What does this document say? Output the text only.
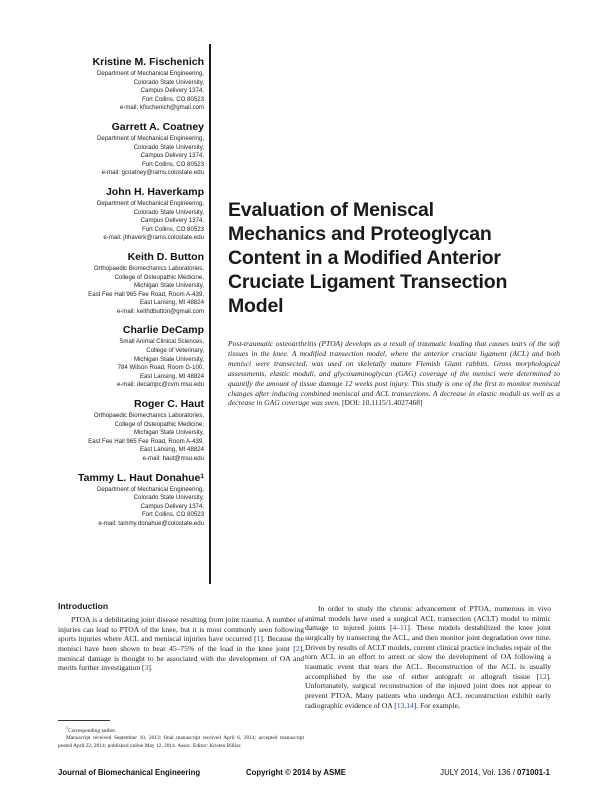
Kristine M. Fischenich
Department of Mechanical Engineering,
Colorado State University,
Campus Delivery 1374,
Fort Collins, CO 80523
e-mail: kfischenich@gmail.com
Garrett A. Coatney
Department of Mechanical Engineering,
Colorado State University,
Campus Delivery 1374,
Fort Collins, CO 80523
e-mail: gcoatney@rams.colostate.edu
John H. Haverkamp
Department of Mechanical Engineering,
Colorado State University,
Campus Delivery 1374,
Fort Collins, CO 80523
e-mail: jhhaverk@rams.colostate.edu
Keith D. Button
Orthopaedic Biomechanics Laboratories,
College of Osteopathic Medicine,
Michigan State University,
East Fee Hall 965 Fee Road, Room A-439,
East Lansing, MI 48824
e-mail: keithdbutton@gmail.com
Charlie DeCamp
Small Animal Clinical Sciences,
College of Veterinary,
Michigan State University,
784 Wilson Road, Room G-100,
East Lansing, MI 48824
e-mail: decampc@cvm.msu.edu
Roger C. Haut
Orthopaedic Biomechanics Laboratories,
College of Osteopathic Medicine,
Michigan State University,
East Fee Hall 965 Fee Road, Room A-439,
East Lansing, MI 48824
e-mail: haut@msu.edu
Tammy L. Haut Donahue$^1$
Department of Mechanical Engineering,
Colorado State University,
Campus Delivery 1374,
Fort Collins, CO 80523
e-mail: tammy.donahue@colostate.edu
Evaluation of Meniscal
Mechanics and Proteoglycan
Content in a Modified Anterior
Cruciate Ligament Transection
Model
Post-traumatic osteoarthritis (PTOA) develops as a result of traumatic loading that causes tears of the soft tissues in the knee. A modified transection model, where the anterior cruciate ligament (ACL) and both menisci were transected, was used on skeletally mature Flemish Giant rabbits. Gross morphological assessments, elastic moduli, and glycosaminoglycan (GAG) coverage of the menisci were determined to quantify the amount of tissue damage 12 weeks post injury. This study is one of the first to monitor meniscal changes after inducing combined meniscal and ACL transections. A decrease in elastic moduli as well as a decrease in GAG coverage was seen. [DOI: 10.1115/1.4027468]
Introduction

PTOA is a debilitating joint disease resulting from joint trauma. A number of injuries can lead to PTOA of the knee, but it is most commonly seen following sports injuries where ACL and meniscal injuries have occurred [1]. Because the menisci have been shown to bear 45–75% of the load in the knee joint [2], meniscal damage is thought to be associated with the development of OA and merits further investigation [3].

In order to study the chronic advancement of PTOA, numerous in vivo animal models have used a surgical ACL transection (ACLT) model to mimic damage to injured joints [4–11]. These models destabilized the knee joint surgically by transecting the ACL, and then monitor joint degradation over time. Driven by results of ACLT models, current clinical practice includes repair of the torn ACL in an effort to arrest or slow the development of OA following a traumatic event that tears the ACL. Reconstruction of the ACL is usually accomplished by the use of either autograft or allograft tissue [12]. Unfortunately, surgical reconstruction of the injured joint does not appear to prevent PTOA. Many patients who undergo ACL reconstruction exhibit early radiographic evidence of OA [13,14]. For example,

$^1$Corresponding author.

Manuscript received September 10, 2013; final manuscript received April 6, 2014; accepted manuscript posted April 22, 2014; published online May 12, 2014. Assoc. Editor: Kristen Billiar.

Journal of Biomechanical Engineering	Copyright © 2014 by ASME	JULY 2014, Vol. 136 / 071001-1
